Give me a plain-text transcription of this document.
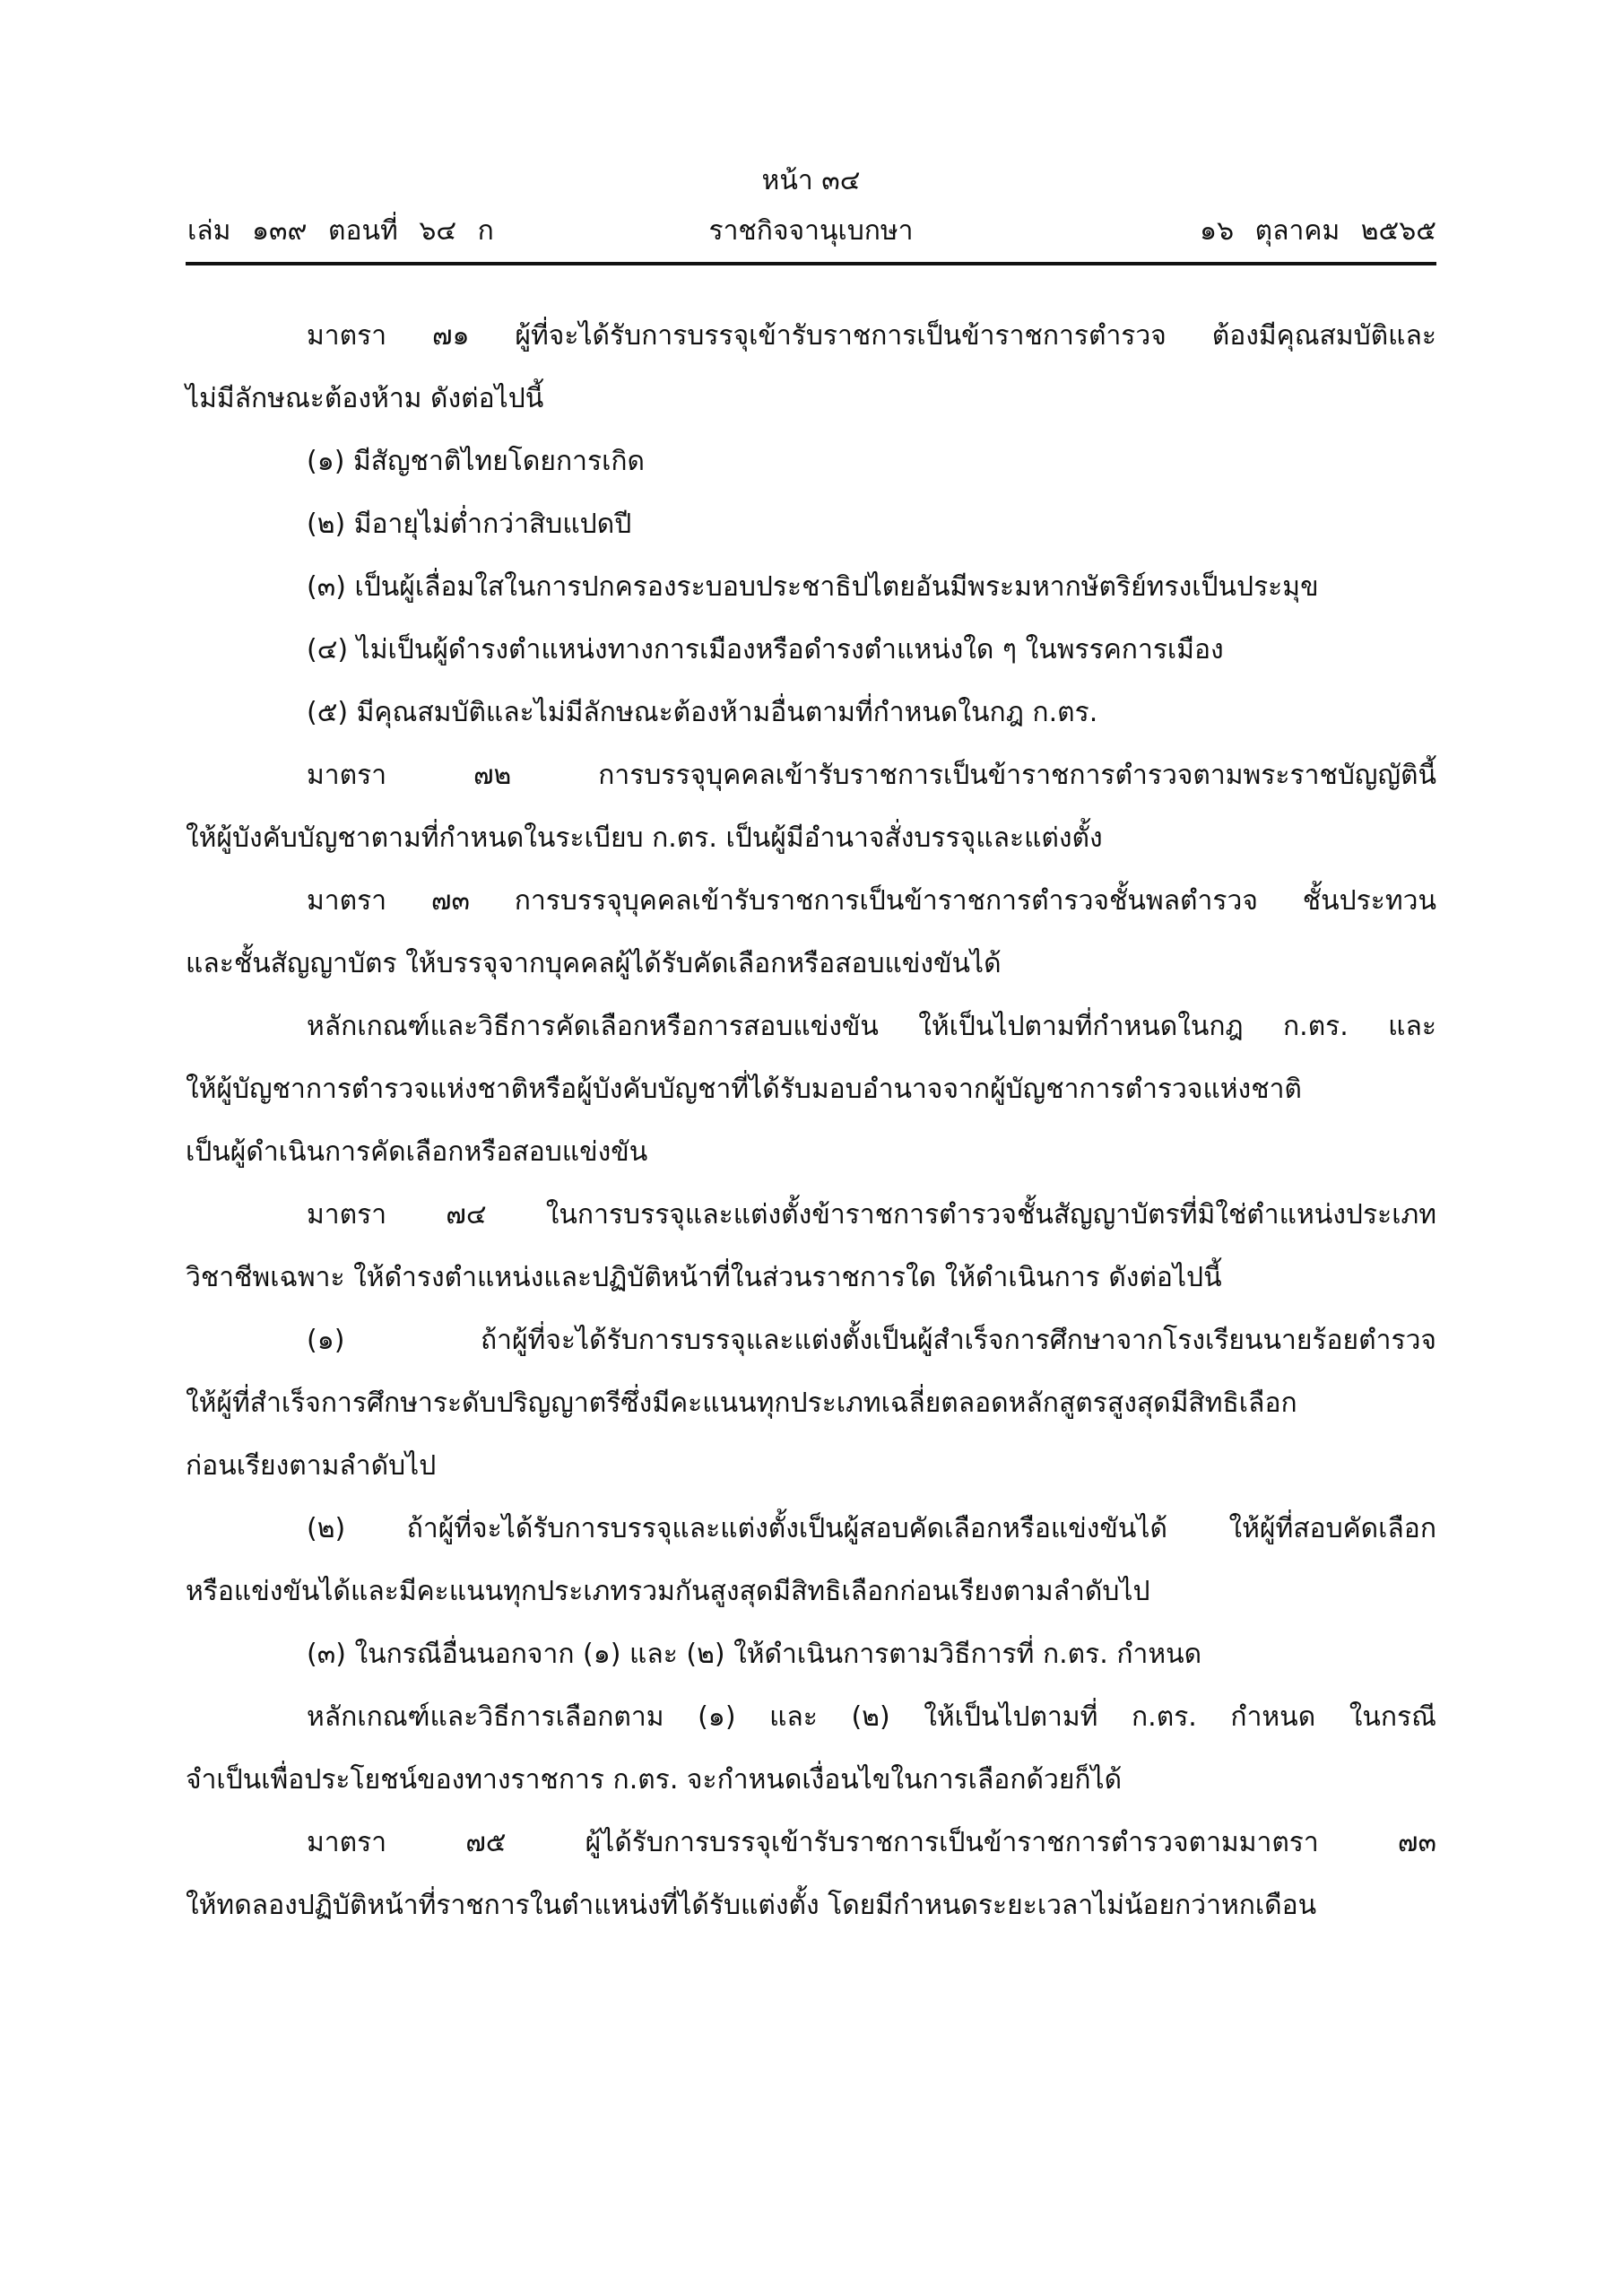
หน้า ๓๔
เล่ม ๑๓๙ ตอนที่ ๖๔ ก	ราชกิจจานุเบกษา	๑๖ ตุลาคม ๒๕๖๕
มาตรา ๗๑ ผู้ที่จะได้รับการบรรจุเข้ารับราชการเป็นข้าราชการตำรวจ ต้องมีคุณสมบัติและ
ไม่มีลักษณะต้องห้าม ดังต่อไปนี้
(๑) มีสัญชาติไทยโดยการเกิด
(๒) มีอายุไม่ต่ำกว่าสิบแปดปี
(๓) เป็นผู้เลื่อมใสในการปกครองระบอบประชาธิปไตยอันมีพระมหากษัตริย์ทรงเป็นประมุข
(๔) ไม่เป็นผู้ดำรงตำแหน่งทางการเมืองหรือดำรงตำแหน่งใด ๆ ในพรรคการเมือง
(๕) มีคุณสมบัติและไม่มีลักษณะต้องห้ามอื่นตามที่กำหนดในกฎ ก.ตร.
มาตรา ๗๒ การบรรจุบุคคลเข้ารับราชการเป็นข้าราชการตำรวจตามพระราชบัญญัตินี้
ให้ผู้บังคับบัญชาตามที่กำหนดในระเบียบ ก.ตร. เป็นผู้มีอำนาจสั่งบรรจุและแต่งตั้ง
มาตรา ๗๓ การบรรจุบุคคลเข้ารับราชการเป็นข้าราชการตำรวจชั้นพลตำรวจ ชั้นประทวน
และชั้นสัญญาบัตร ให้บรรจุจากบุคคลผู้ได้รับคัดเลือกหรือสอบแข่งขันได้
หลักเกณฑ์และวิธีการคัดเลือกหรือการสอบแข่งขัน ให้เป็นไปตามที่กำหนดในกฎ ก.ตร. และ
ให้ผู้บัญชาการตำรวจแห่งชาติหรือผู้บังคับบัญชาที่ได้รับมอบอำนาจจากผู้บัญชาการตำรวจแห่งชาติ
เป็นผู้ดำเนินการคัดเลือกหรือสอบแข่งขัน
มาตรา ๗๔ ในการบรรจุและแต่งตั้งข้าราชการตำรวจชั้นสัญญาบัตรที่มิใช่ตำแหน่งประเภท
วิชาชีพเฉพาะ ให้ดำรงตำแหน่งและปฏิบัติหน้าที่ในส่วนราชการใด ให้ดำเนินการ ดังต่อไปนี้
(๑) ถ้าผู้ที่จะได้รับการบรรจุและแต่งตั้งเป็นผู้สำเร็จการศึกษาจากโรงเรียนนายร้อยตำรวจ
ให้ผู้ที่สำเร็จการศึกษาระดับปริญญาตรีซึ่งมีคะแนนทุกประเภทเฉลี่ยตลอดหลักสูตรสูงสุดมีสิทธิเลือก
ก่อนเรียงตามลำดับไป
(๒) ถ้าผู้ที่จะได้รับการบรรจุและแต่งตั้งเป็นผู้สอบคัดเลือกหรือแข่งขันได้ ให้ผู้ที่สอบคัดเลือก
หรือแข่งขันได้และมีคะแนนทุกประเภทรวมกันสูงสุดมีสิทธิเลือกก่อนเรียงตามลำดับไป
(๓) ในกรณีอื่นนอกจาก (๑) และ (๒) ให้ดำเนินการตามวิธีการที่ ก.ตร. กำหนด
หลักเกณฑ์และวิธีการเลือกตาม (๑) และ (๒) ให้เป็นไปตามที่ ก.ตร. กำหนด ในกรณี
จำเป็นเพื่อประโยชน์ของทางราชการ ก.ตร. จะกำหนดเงื่อนไขในการเลือกด้วยก็ได้
มาตรา ๗๕ ผู้ได้รับการบรรจุเข้ารับราชการเป็นข้าราชการตำรวจตามมาตรา ๗๓
ให้ทดลองปฏิบัติหน้าที่ราชการในตำแหน่งที่ได้รับแต่งตั้ง โดยมีกำหนดระยะเวลาไม่น้อยกว่าหกเดือน
